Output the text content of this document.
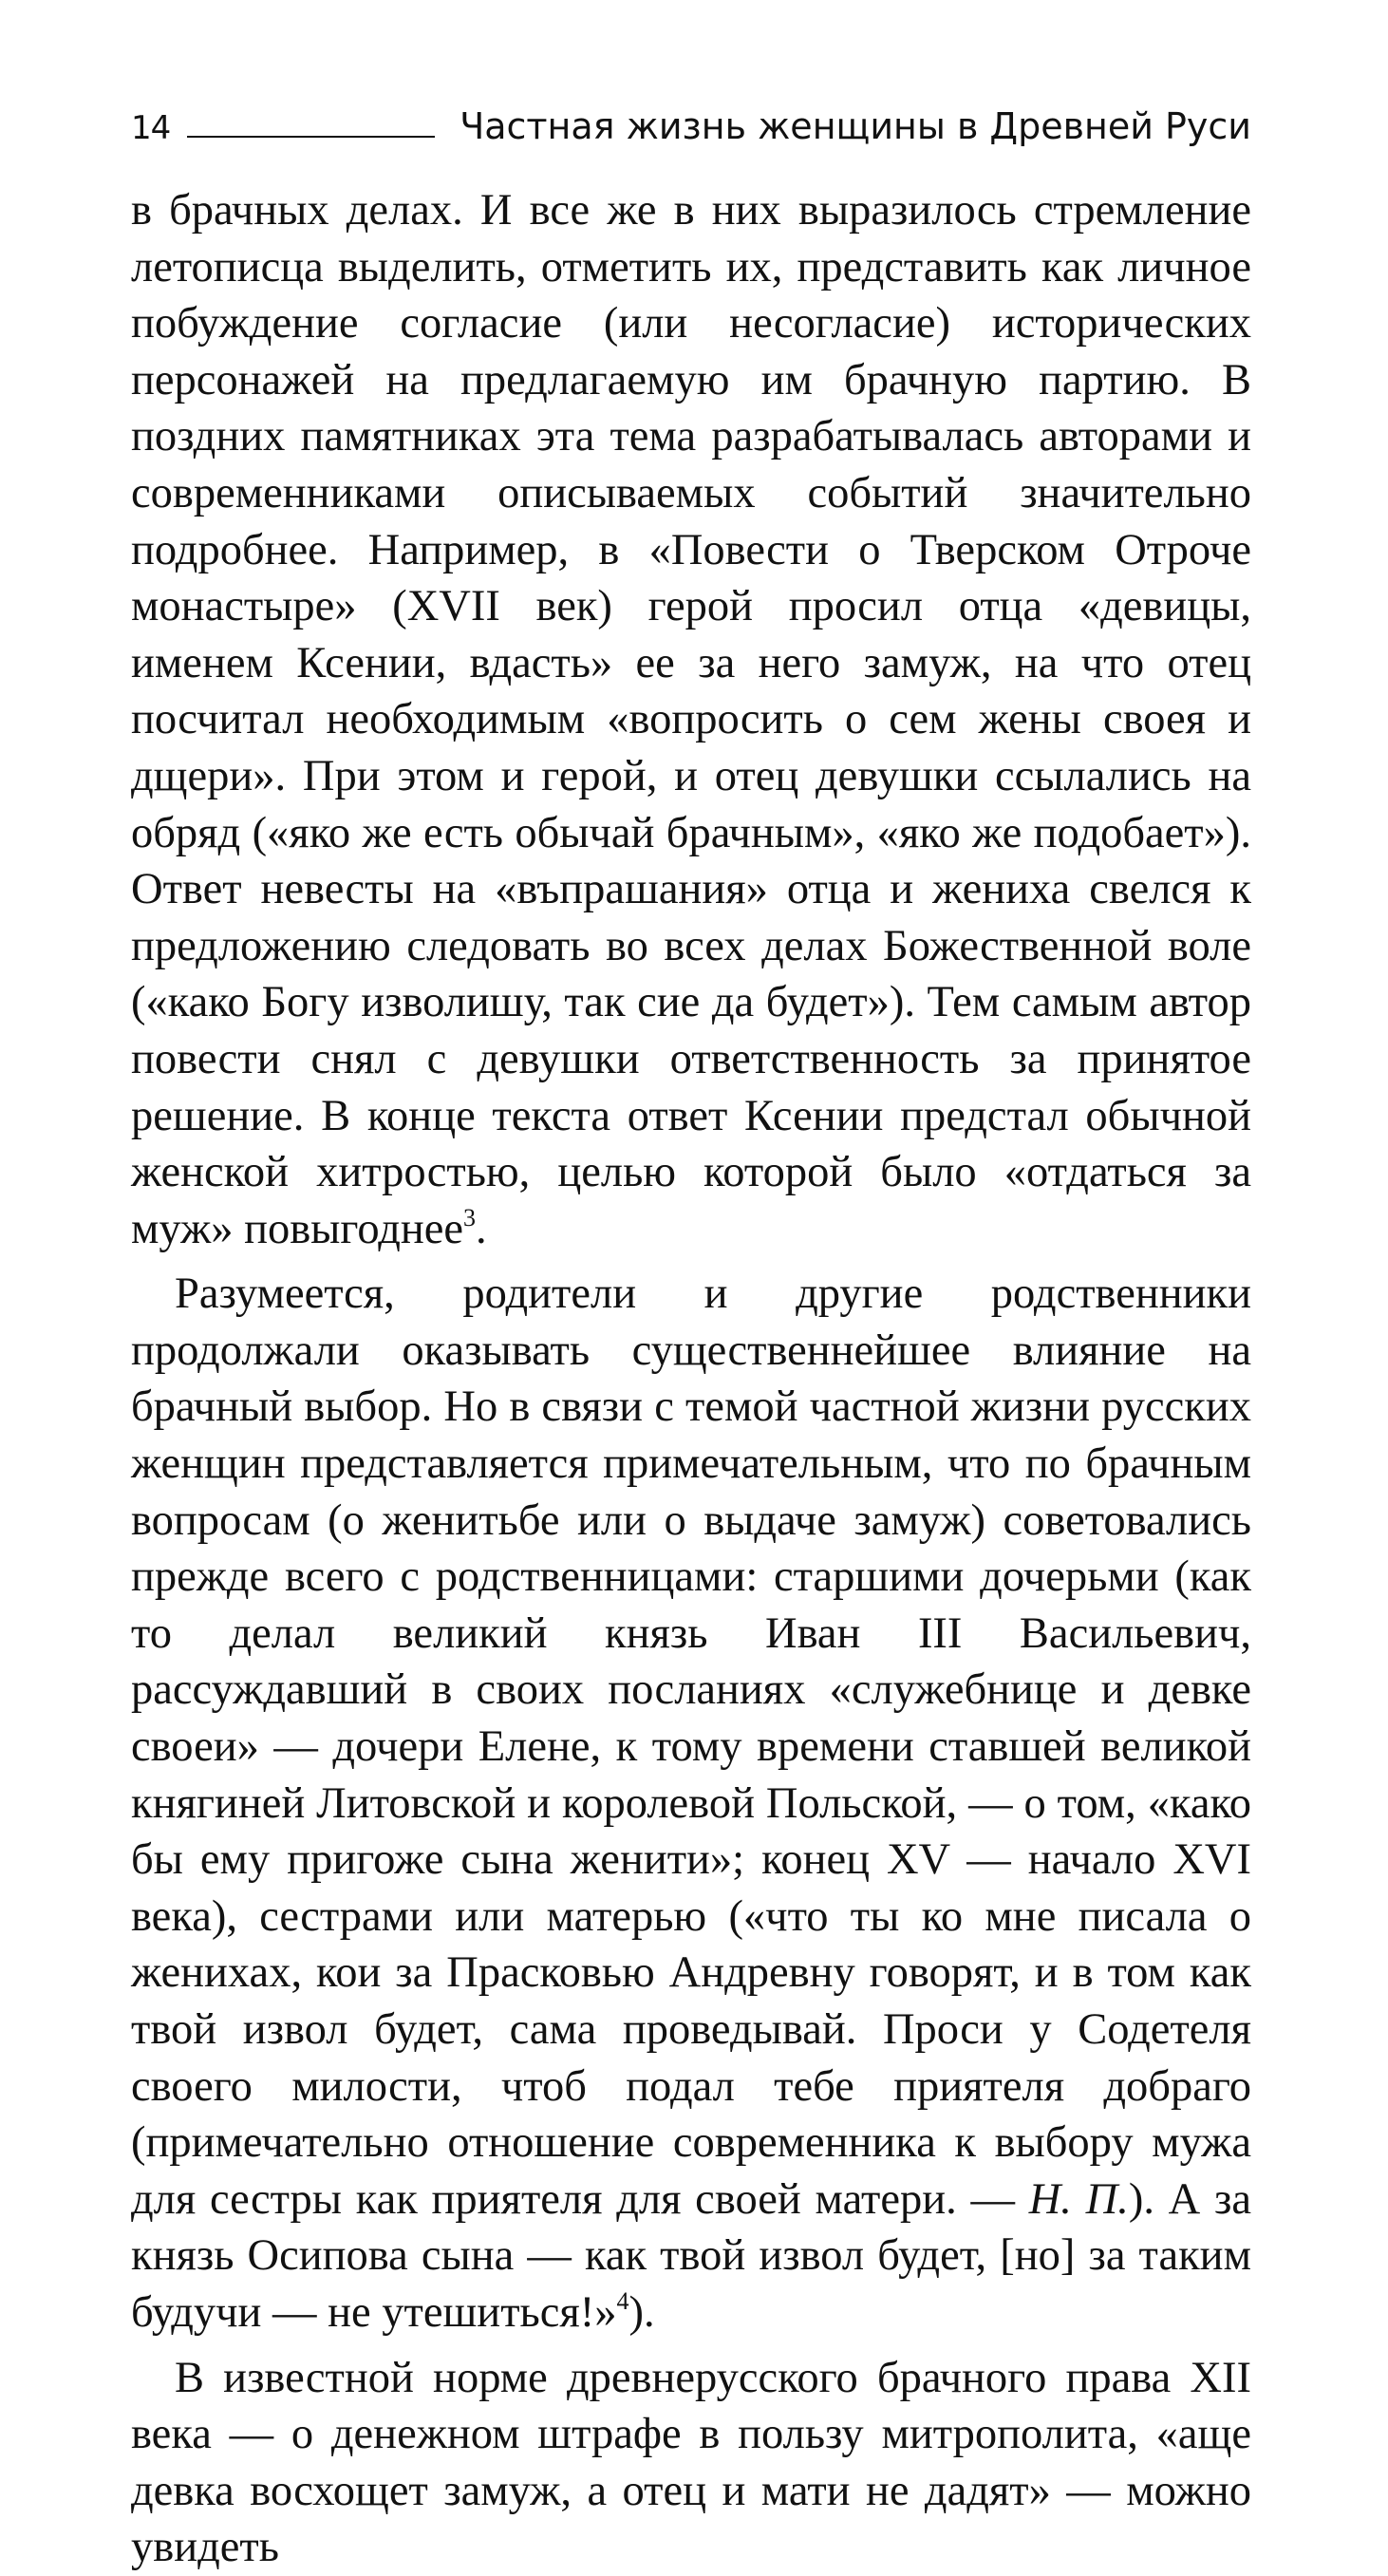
14	Частная жизнь женщины в Древней Руси

в брачных делах. И все же в них выразилось стремление летописца выделить, отметить их, представить как личное побуждение согласие (или несогласие) исторических персонажей на предлагаемую им брачную партию. В поздних памятниках эта тема разрабатывалась авторами и современниками описываемых событий значительно подробнее. Например, в «Повести о Тверском Отроче монастыре» (XVII век) герой просил отца «девицы, именем Ксении, вдасть» ее за него замуж, на что отец посчитал необходимым «вопросить о сем жены своея и дщери». При этом и герой, и отец девушки ссылались на обряд («яко же есть обычай брачным», «яко же подобает»). Ответ невесты на «въпрашания» отца и жениха свелся к предложению следовать во всех делах Божественной воле («како Богу изволишу, так сие да будет»). Тем самым автор повести снял с девушки ответственность за принятое решение. В конце текста ответ Ксении предстал обычной женской хитростью, целью которой было «отдаться за муж» повыгоднее$^3$.

Разумеется, родители и другие родственники продолжали оказывать существеннейшее влияние на брачный выбор. Но в связи с темой частной жизни русских женщин представляется примечательным, что по брачным вопросам (о женитьбе или о выдаче замуж) советовались прежде всего с родственницами: старшими дочерьми (как то делал великий князь Иван III Васильевич, рассуждавший в своих посланиях «служебнице и девке своеи» — дочери Елене, к тому времени ставшей великой княгиней Литовской и королевой Польской, — о том, «како бы ему пригоже сына женити»; конец XV — начало XVI века), сестрами или матерью («что ты ко мне писала о женихах, кои за Прасковью Андревну говорят, и в том как твой извол будет, сама проведывай. Проси у Содетеля своего милости, чтоб подал тебе приятеля добраго (примечательно отношение современника к выбору мужа для сестры как приятеля для своей матери. — Н. П.). А за князь Осипова сына — как твой извол будет, [но] за таким будучи — не утешиться!»$^4$).

В известной норме древнерусского брачного права XII века — о денежном штрафе в пользу митрополита, «аще девка восхощет замуж, а отец и мати не дадят» — можно увидеть
